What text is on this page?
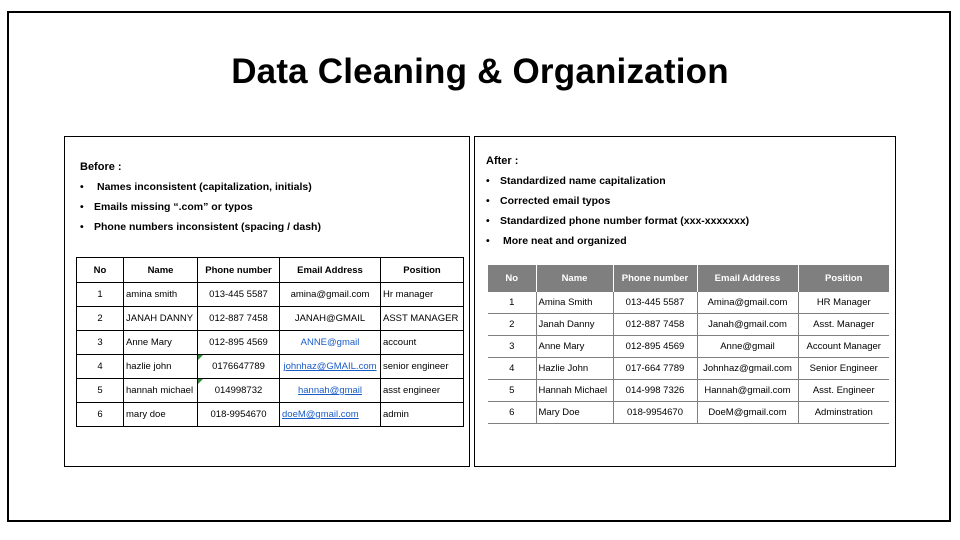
Data Cleaning & Organization
Before :
• Names inconsistent (capitalization, initials)
• Emails missing “.com” or typos
• Phone numbers inconsistent (spacing / dash)
No	Name	Phone number	Email Address	Position
1	amina smith	013-445 5587	amina@gmail.com	Hr manager
2	JANAH DANNY	012-887 7458	JANAH@GMAIL	ASST MANAGER
3	Anne Mary	012-895 4569	ANNE@gmail	account
4	hazlie john	0176647789	johnhaz@GMAIL.com	senior engineer
5	hannah michael	014998732	hannah@gmail	asst engineer
6	mary doe	018-9954670	doeM@gmail.com	admin
After :
• Standardized name capitalization
• Corrected email typos
• Standardized phone number format (xxx-xxxxxxx)
• More neat and organized
No	Name	Phone number	Email Address	Position
1	Amina Smith	013-445 5587	Amina@gmail.com	HR Manager
2	Janah Danny	012-887 7458	Janah@gmail.com	Asst. Manager
3	Anne Mary	012-895 4569	Anne@gmail	Account Manager
4	Hazlie John	017-664 7789	Johnhaz@gmail.com	Senior Engineer
5	Hannah Michael	014-998 7326	Hannah@gmail.com	Asst. Engineer
6	Mary Doe	018-9954670	DoeM@gmail.com	Adminstration
